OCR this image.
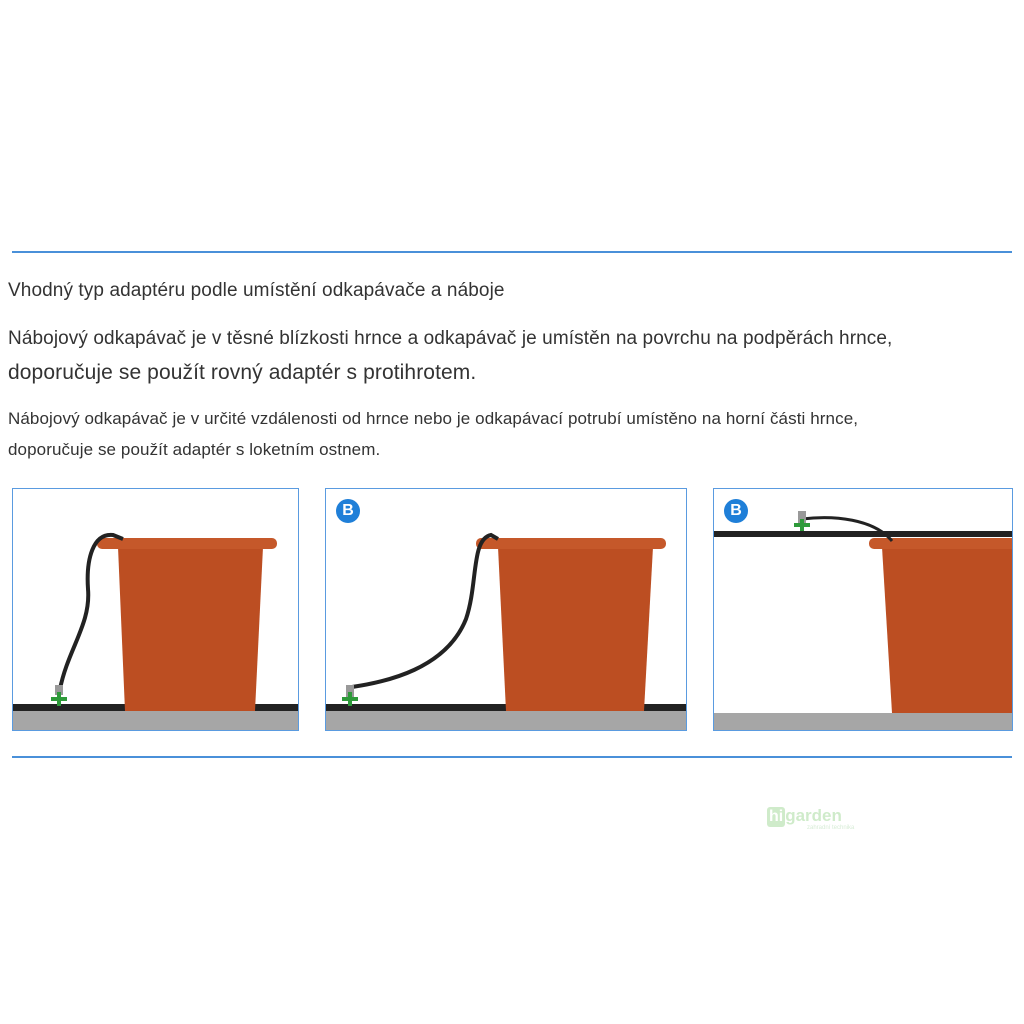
Vhodný typ adaptéru podle umístění odkapávače a náboje
Nábojový odkapávač je v těsné blízkosti hrnce a odkapávač je umístěn na povrchu na podpěrách hrnce,
doporučuje se použít rovný adaptér s protihrotem.
Nábojový odkapávač je v určité vzdálenosti od hrnce nebo je odkapávací potrubí umístěno na horní části hrnce,
doporučuje se použít adaptér s loketním ostnem.
B	B
hi garden
zahradní technika
